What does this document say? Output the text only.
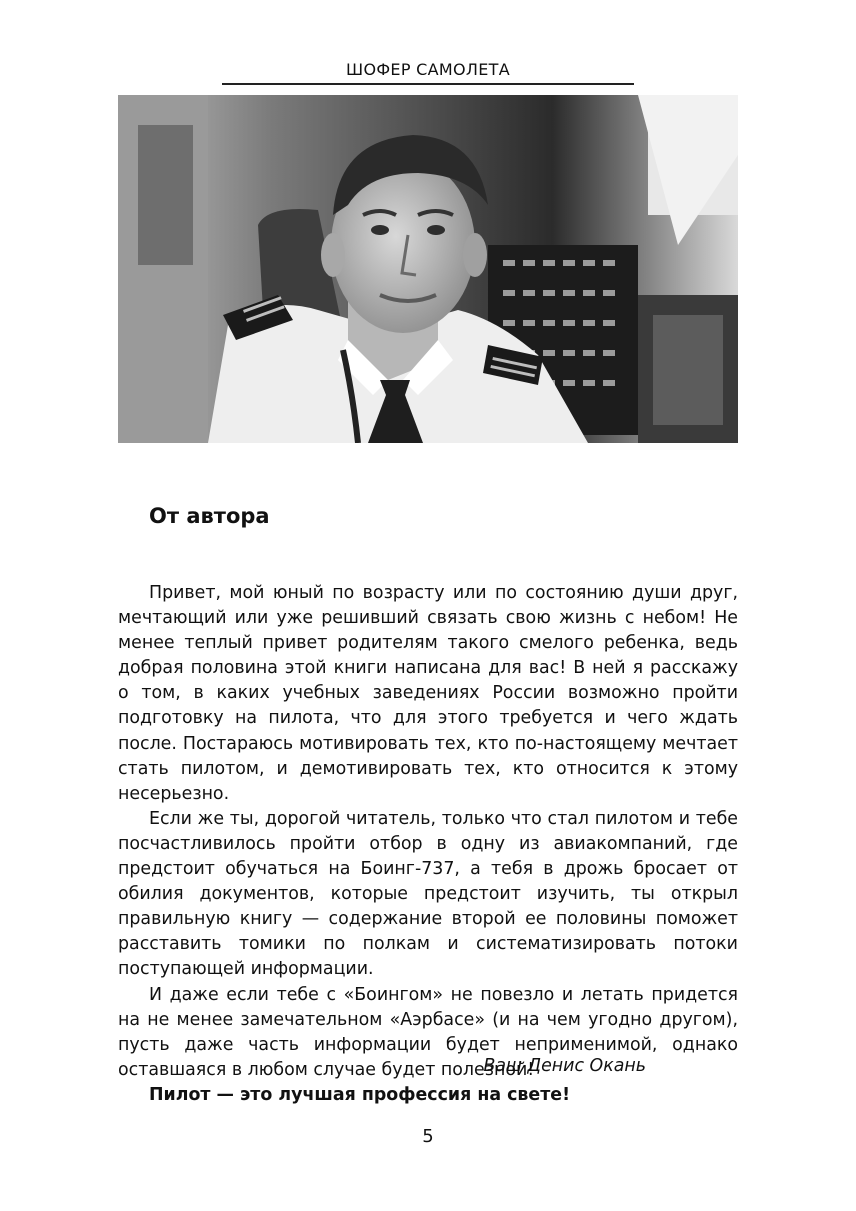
ШОФЕР САМОЛЕТА
От автора

Привет, мой юный по возрасту или по состоянию души друг, мечтающий или уже решивший связать свою жизнь с небом! Не менее теплый привет родителям такого смелого ребенка, ведь добрая половина этой книги написана для вас! В ней я расскажу о том, в каких учебных заведениях России возможно пройти подготовку на пилота, что для этого требуется и чего ждать после. Постараюсь мотивировать тех, кто по-настоящему мечтает стать пилотом, и демотивировать тех, кто относится к этому несерьезно.

Если же ты, дорогой читатель, только что стал пилотом и тебе посчастливилось пройти отбор в одну из авиакомпаний, где предстоит обучаться на Боинг-737, а тебя в дрожь бросает от обилия документов, которые предстоит изучить, ты открыл правильную книгу — содержание второй ее половины поможет расставить томики по полкам и систематизировать потоки поступающей информации.

И даже если тебе с «Боингом» не повезло и летать придется на не менее замечательном «Аэрбасе» (и на чем угодно другом), пусть даже часть информации будет неприменимой, однако оставшаяся в любом случае будет полезной!

Пилот — это лучшая профессия на свете!

Ваш Денис Окань
5
